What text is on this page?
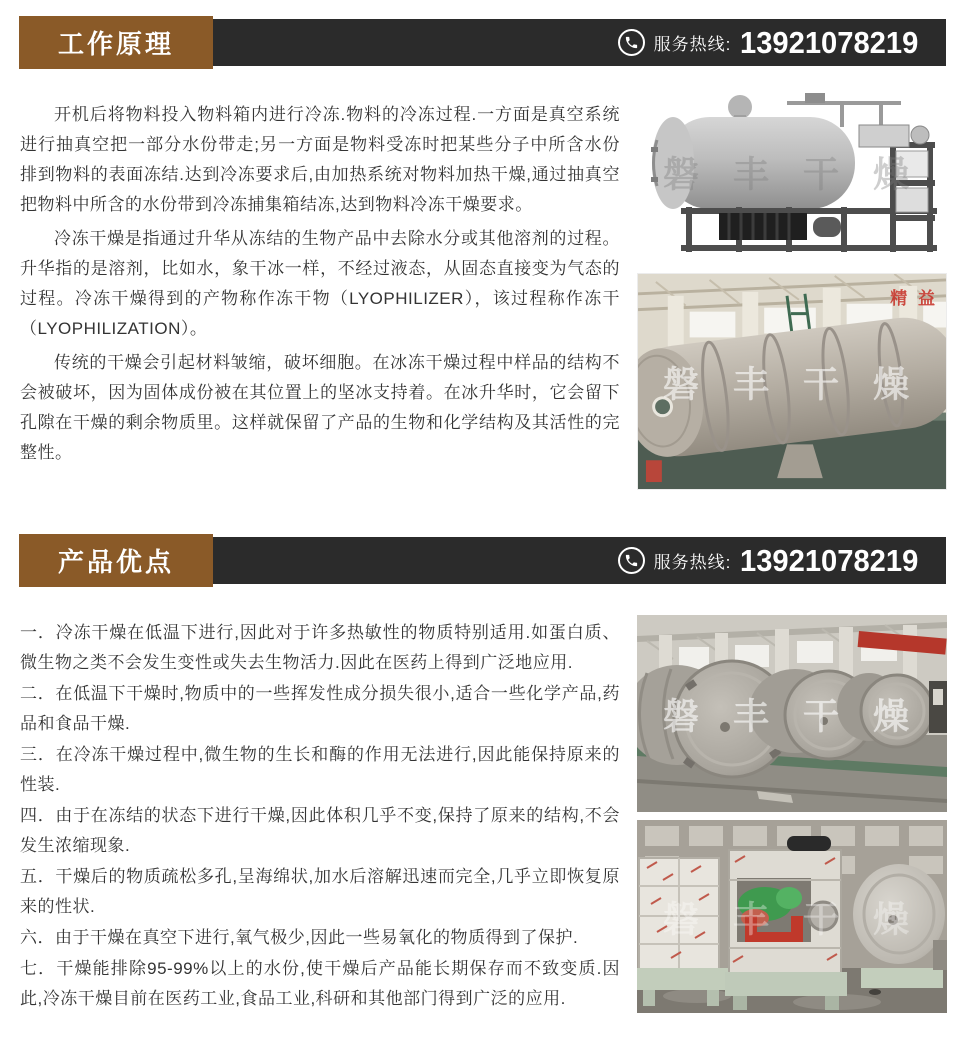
工作原理	服务热线: 13921078219

开机后将物料投入物料箱内进行冷冻.物料的冷冻过程.一方面是真空系统进行抽真空把一部分水份带走;另一方面是物料受冻时把某些分子中所含水份排到物料的表面冻结.达到冷冻要求后,由加热系统对物料加热干燥,通过抽真空把物料中所含的水份带到冷冻捕集箱结冻,达到物料冷冻干燥要求。

冷冻干燥是指通过升华从冻结的生物产品中去除水分或其他溶剂的过程。升华指的是溶剂，比如水，象干冰一样，不经过液态，从固态直接变为气态的过程。冷冻干燥得到的产物称作冻干物（LYOPHILIZER），该过程称作冻干（LYOPHILIZATION）。

传统的干燥会引起材料皱缩，破坏细胞。在冰冻干燥过程中样品的结构不会被破坏，因为固体成份被在其位置上的坚冰支持着。在冰升华时，它会留下孔隙在干燥的剩余物质里。这样就保留了产品的生物和化学结构及其活性的完整性。

磐 丰 干 燥
磐 丰 干 燥
精 益
产品优点	服务热线: 13921078219

一．冷冻干燥在低温下进行,因此对于许多热敏性的物质特别适用.如蛋白质、微生物之类不会发生变性或失去生物活力.因此在医药上得到广泛地应用.

二．在低温下干燥时,物质中的一些挥发性成分损失很小,适合一些化学产品,药品和食品干燥.

三．在冷冻干燥过程中,微生物的生长和酶的作用无法进行,因此能保持原来的性装.

四．由于在冻结的状态下进行干燥,因此体积几乎不变,保持了原来的结构,不会发生浓缩现象.

五．干燥后的物质疏松多孔,呈海绵状,加水后溶解迅速而完全,几乎立即恢复原来的性状.

六．由于干燥在真空下进行,氧气极少,因此一些易氧化的物质得到了保护.

七．干燥能排除95-99%以上的水份,使干燥后产品能长期保存而不致变质.因此,冷冻干燥目前在医药工业,食品工业,科研和其他部门得到广泛的应用.

磐 丰 干 燥
磐 丰 干 燥
